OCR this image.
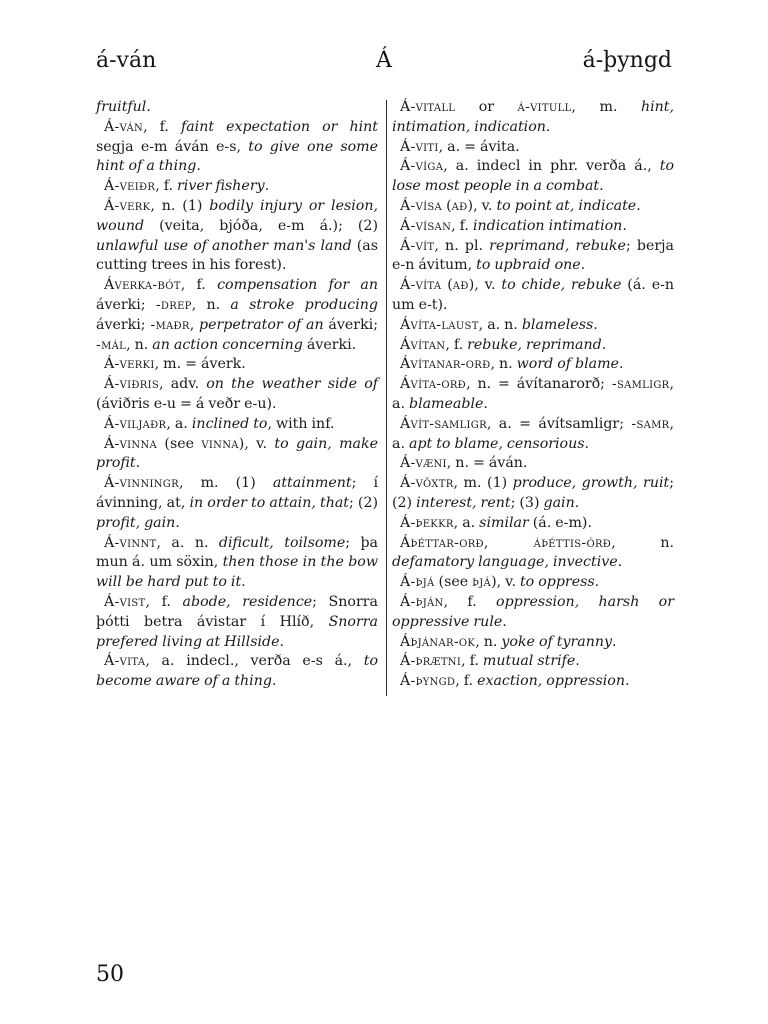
á-ván	Á	á-þyngd

fruitful.

Á-ván, f. faint expectation or hint segja e-m áván e-s, to give one some hint of a thing.

Á-veiðr, f. river fishery.

Á-verk, n. (1) bodily injury or lesion, wound (veita, bjóða, e-m á.); (2) unlawful use of another man's land (as cutting trees in his forest).

Áverka-bót, f. compensation for an áverki; -drep, n. a stroke producing áverki; -maðr, perpetrator of an áverki; -mál, n. an action concerning áverki.

Á-verki, m. = áverk.

Á-viðris, adv. on the weather side of (áviðris e-u = á veðr e-u).

Á-viljaðr, a. inclined to, with inf.

Á-vinna (see vinna), v. to gain, make profit.

Á-vinningr, m. (1) attainment; í ávinning, at, in order to attain, that; (2) profit, gain.

Á-vinnt, a. n. dificult, toilsome; þa mun á. um söxin, then those in the bow will be hard put to it.

Á-vist, f. abode, residence; Snorra þótti betra ávistar í Hlíð, Snorra prefered living at Hillside.

Á-vita, a. indecl., verða e-s á., to become aware of a thing.

Á-vitall or á-vitull, m. hint, intimation, indication.

Á-viti, a. = ávita.

Á-víga, a. indecl in phr. verða á., to lose most people in a combat.

Á-vísa (að), v. to point at, indicate.

Á-vísan, f. indication intimation.

Á-vít, n. pl. reprimand, rebuke; berja e-n ávitum, to upbraid one.

Á-víta (að), v. to chide, rebuke (á. e-n um e-t).

Ávíta-laust, a. n. blameless.

Ávítan, f. rebuke, reprimand.

Ávítanar-orð, n. word of blame.

Ávíta-orð, n. = ávítanarorð; -samligr, a. blameable.

Ávít-samligr, a. = ávítsamligr; -samr, a. apt to blame, censorious.

Á-væni, n. = áván.

Á-vöxtr, m. (1) produce, growth, ruit; (2) interest, rent; (3) gain.

Á-þekkr, a. similar (á. e-m).

Áþéttar-orð, áþéttis-órð, n. defamatory language, invective.

Á-þjá (see þjá), v. to oppress.

Á-þján, f. oppression, harsh or oppressive rule.

Áþjánar-ok, n. yoke of tyranny.

Á-þrætni, f. mutual strife.

Á-þyngd, f. exaction, oppression.

50
